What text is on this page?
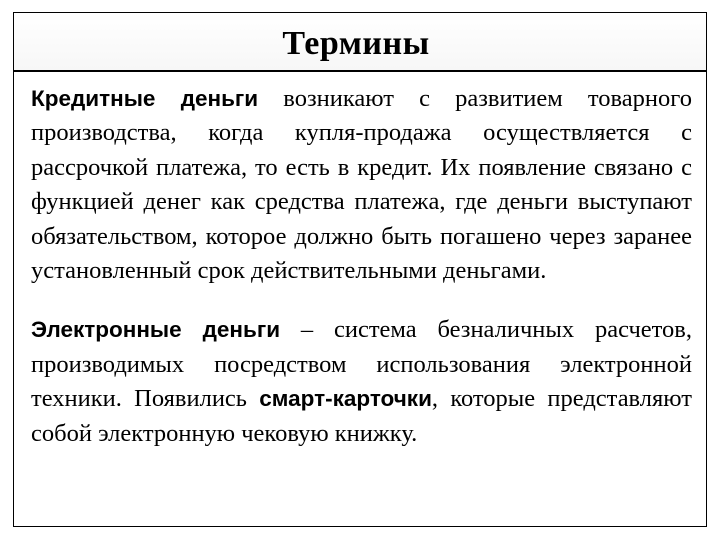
Термины

Кредитные деньги возникают с развитием товарного производства, когда купля-продажа осуществляется с рассрочкой платежа, то есть в кредит. Их появление связано с функцией денег как средства платежа, где деньги выступают обязательством, которое должно быть погашено через заранее установленный срок действительными деньгами.

Электронные деньги – система безналичных расчетов, производимых посредством использования электронной техники. Появились смарт-карточки, которые представляют собой электронную чековую книжку.
